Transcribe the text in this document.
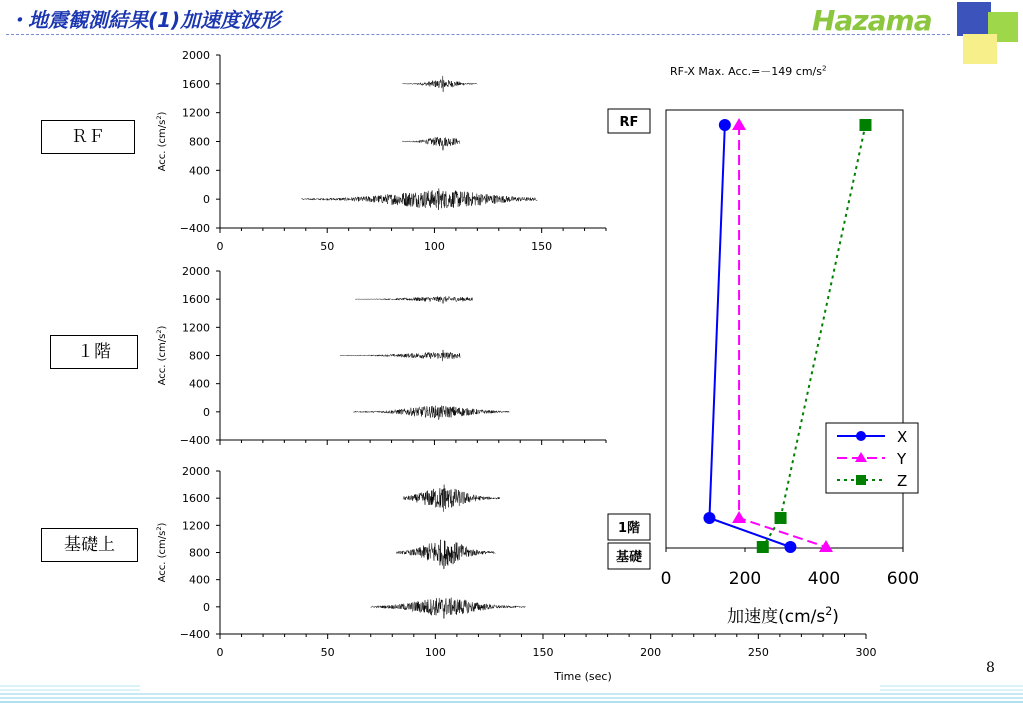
・地震観測結果(1)加速度波形	Hazama
ＲＦ
１階
基礎上
−400
0
400
800
1200
1600
2000
0	50	100	150
Acc. $(cm/s^2)$
−400
0
400
800
1200
1600
2000
Acc. $(cm/s^2)$
−400
0
400
800
1200
1600
2000
0	50	100	150	200	250	300
Acc. $(cm/s^2)$
Time (sec)
RF-X Max. Acc.=－149 $cm/s^2$
0	200	400	600
加速度$(cm/s^2)$
RF
1階
基礎
X
Y
Z
8
